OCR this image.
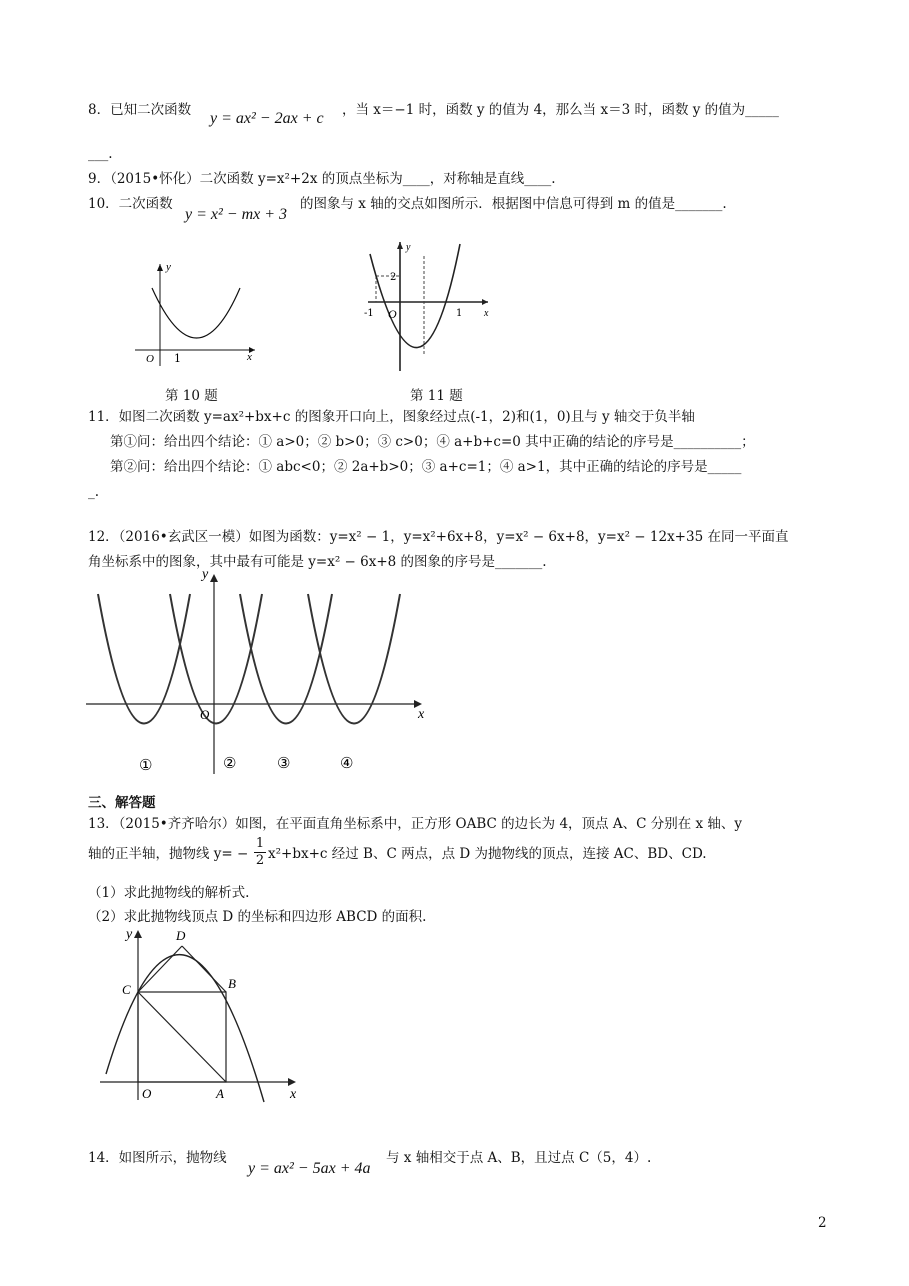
8．已知二次函数 y = ax² − 2ax + c ，当 x＝−1 时，函数 y 的值为 4，那么当 x＝3 时，函数 y 的值为_____
___.
9．（2015•怀化）二次函数 y=x²+2x 的顶点坐标为____，对称轴是直线____.
10．二次函数
y = x² − mx + 3
的图象与 x 轴的交点如图所示．根据图中信息可得到 m 的值是_______.
y
x
O 1
第 10 题
y
x
O
2
-1	1
第 11 题
11．如图二次函数 y=ax²+bx+c 的图象开口向上，图象经过点(-1，2)和(1，0)且与 y 轴交于负半轴
第①问：给出四个结论：① a>0；② b>0；③ c>0；④ a+b+c=0 其中正确的结论的序号是__________；
第②问：给出四个结论：① abc<0；② 2a+b>0；③ a+c=1；④ a>1，其中正确的结论的序号是_____
_.
12．（2016•玄武区一模）如图为函数：y=x² − 1，y=x²+6x+8，y=x² − 6x+8，y=x² − 12x+35 在同一平面直
角坐标系中的图象，其中最有可能是 y=x² − 6x+8 的图象的序号是_______.
y
x
O
①	②	③	④
三、解答题
13．（2015•齐齐哈尔）如图，在平面直角坐标系中，正方形 OABC 的边长为 4，顶点 A、C 分别在 x 轴、y
轴的正半轴，抛物线 $y= - \frac{1}{2} x^2+bx+c$ 经过 B、C 两点，点 D 为抛物线的顶点，连接 AC、BD、CD.
（1）求此抛物线的解析式.
（2）求此抛物线顶点 D 的坐标和四边形 ABCD 的面积.
y
x
O	A
B
C
D
14．如图所示，抛物线
y = ax² − 5ax + 4a
与 x 轴相交于点 A、B，且过点 C（5，4）.
2
